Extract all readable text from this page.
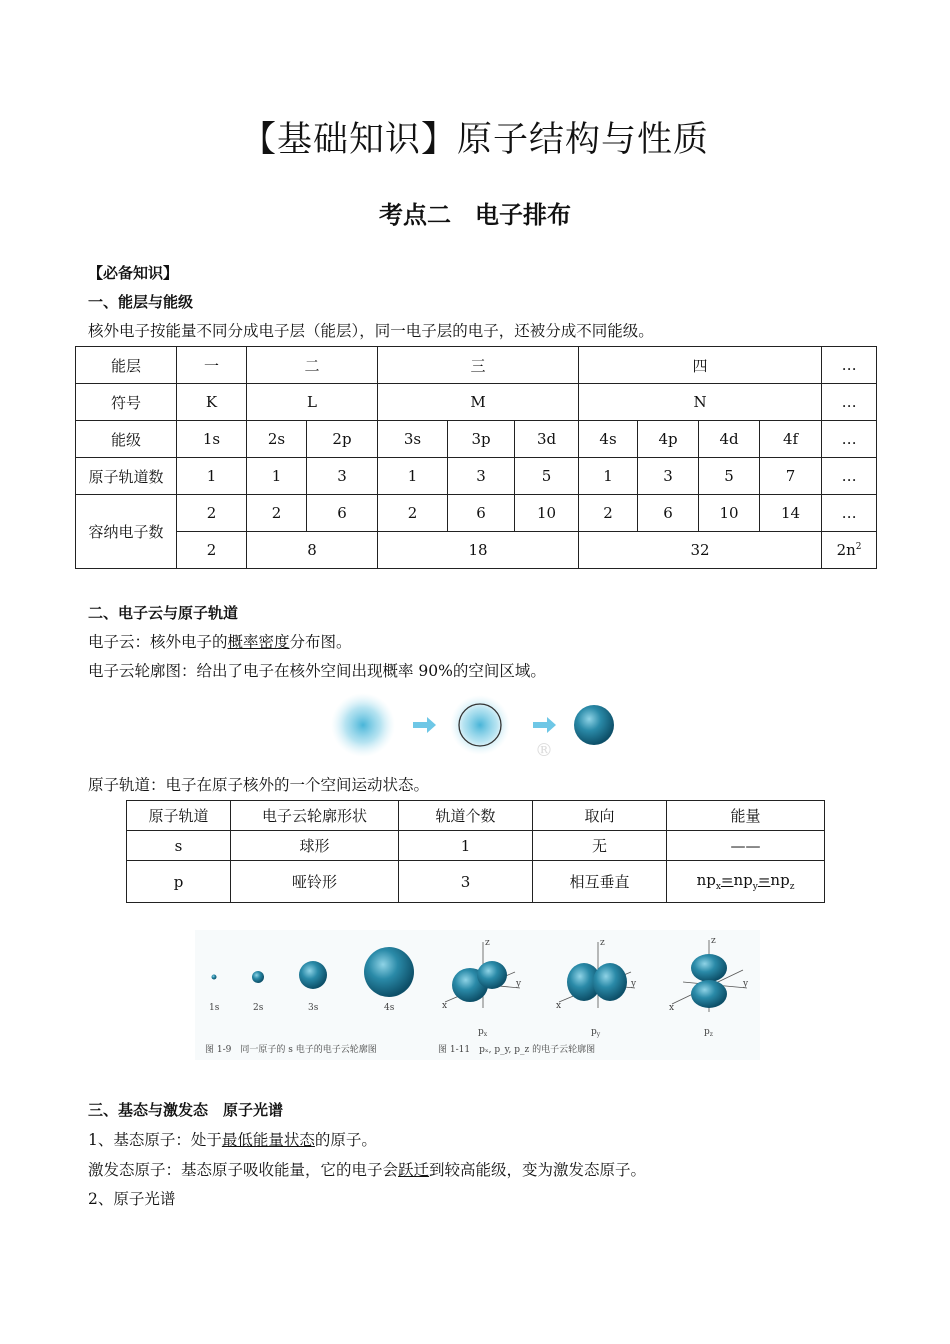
【基础知识】原子结构与性质
考点二　电子排布
【必备知识】
一、能层与能级
核外电子按能量不同分成电子层（能层），同一电子层的电子，还被分成不同能级。
能层	一	二		三			四				…
符号	K	L		M			N				…
能级	1s	2s	2p	3s	3p	3d	4s	4p	4d	4f	…
原子轨道数	1	1	3	1	3	5	1	3	5	7	…
容纳电子数	2	2	6	2	6	10	2	6	10	14	…
	2	8		18			32				$2n^2$
二、电子云与原子轨道
电子云：核外电子的概率密度分布图。
电子云轮廓图：给出了电子在核外空间出现概率 90%的空间区域。
®
原子轨道：电子在原子核外的一个空间运动状态。
原子轨道	电子云轮廓形状	轨道个数	取向	能量
s	球形	1	无	——
p	哑铃形	3	相互垂直	$np_x=np_y=np_z$
1s	2s	3s	4s
z
x
y
$p_x$
z
x
y
$p_y$
z
x
y
$p_z$
图 1-9　同一原子的 s 电子的电子云轮廓图	图 1-11　pₓ, p_y, p_z 的电子云轮廓图
三、基态与激发态　原子光谱
1、基态原子：处于最低能量状态的原子。
激发态原子：基态原子吸收能量，它的电子会跃迁到较高能级，变为激发态原子。
2、原子光谱
